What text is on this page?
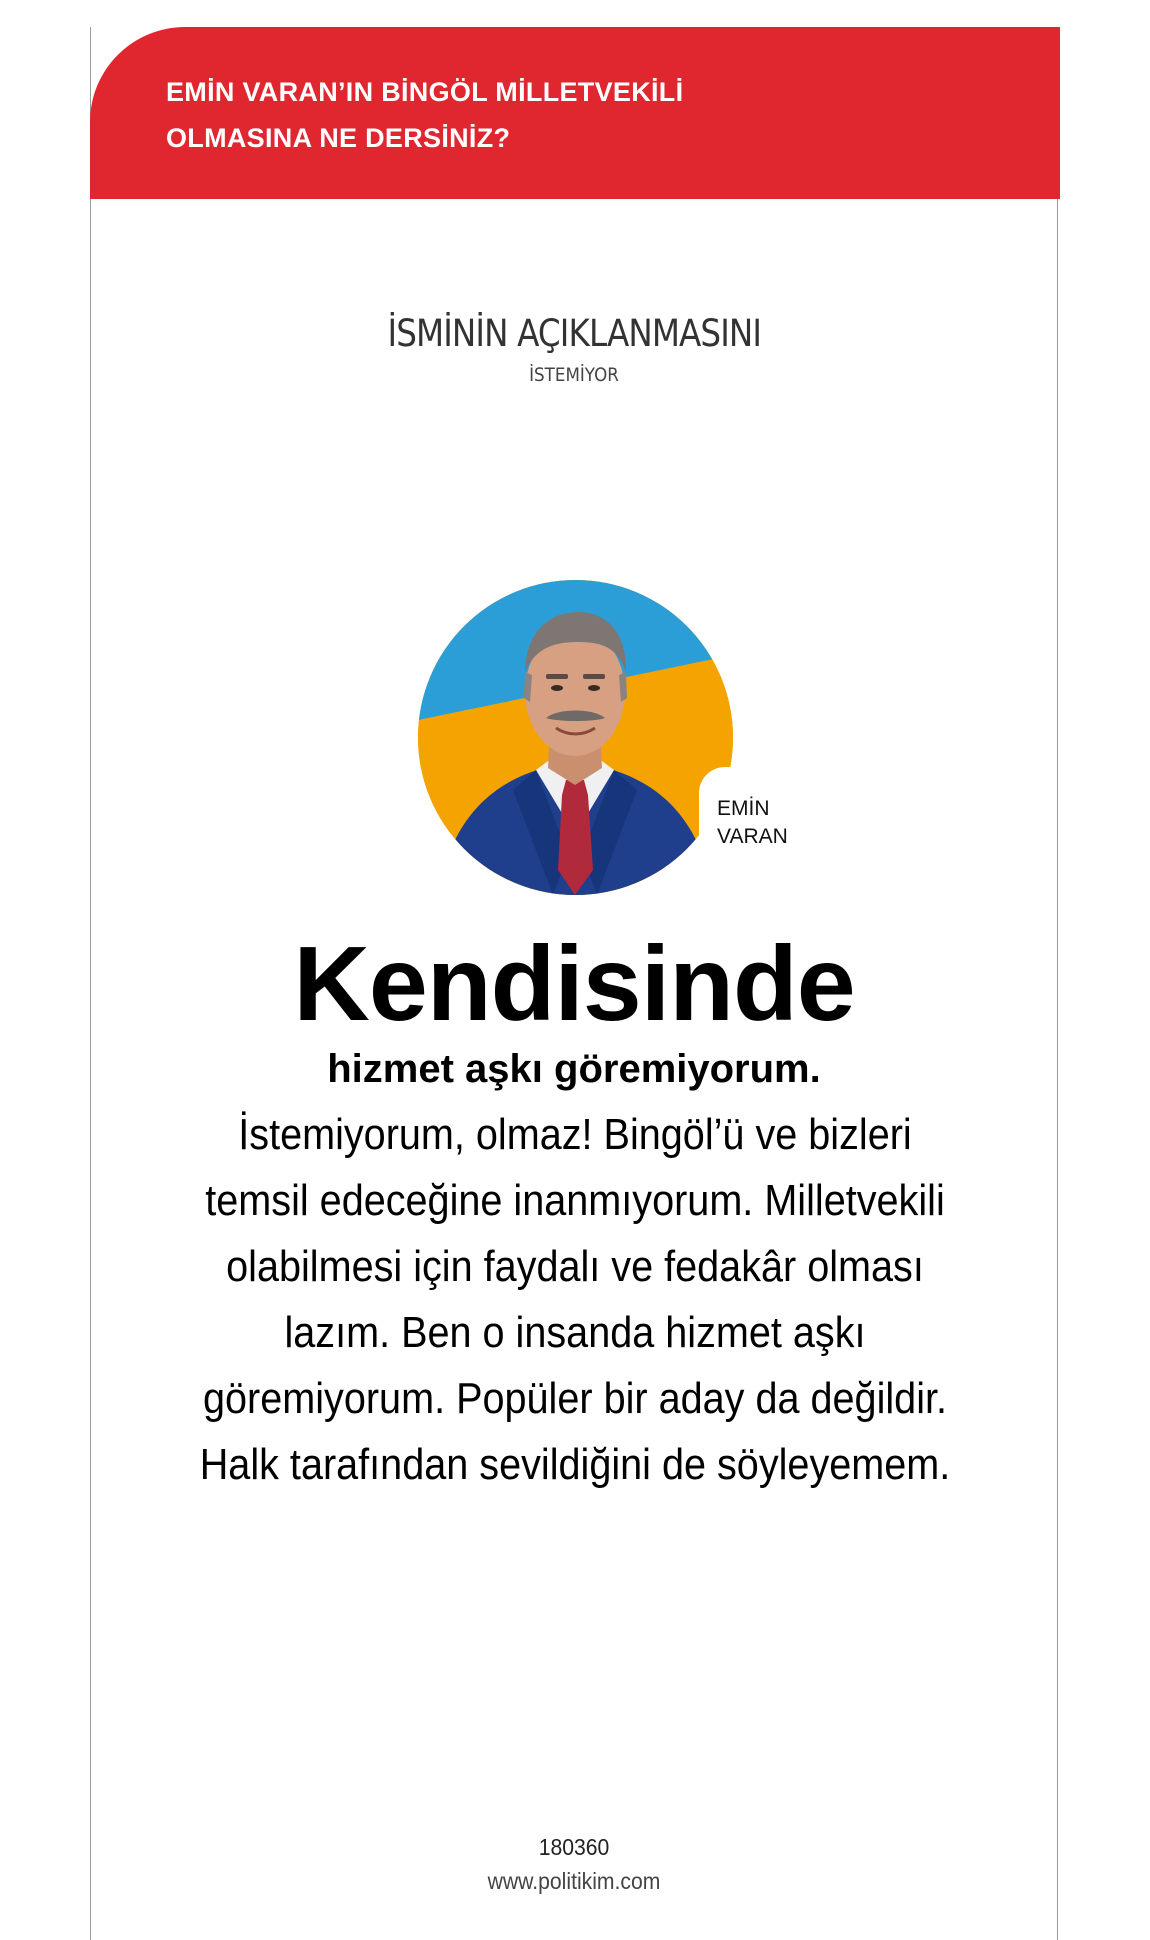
EMİN VARAN’IN BİNGÖL MİLLETVEKİLİ
OLMASINA NE DERSİNİZ?
İSMİNİN AÇIKLANMASINI
İSTEMİYOR
EMİN
VARAN
Kendisinde
hizmet aşkı göremiyorum.

İstemiyorum, olmaz! Bingöl’ü ve bizleri temsil edeceğine inanmıyorum. Milletvekili olabilmesi için faydalı ve fedakâr olması lazım. Ben o insanda hizmet aşkı göremiyorum. Popüler bir aday da değildir. Halk tarafından sevildiğini de söyleyemem.

180360
www.politikim.com
